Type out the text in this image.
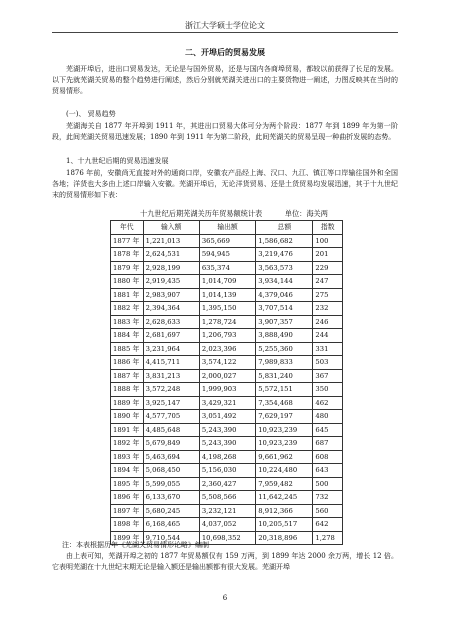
浙江大学硕士学位论文
二、开埠后的贸易发展
芜湖开埠后，进出口贸易发达，无论是与国外贸易，还是与国内各商埠贸易，都较以前获得了长足的发展。以下先就芜湖关贸易的整个趋势进行阐述，然后分别就芜湖关进出口的主要货物进一阐述，力图反映其在当时的贸易情形。
(一)、 贸易趋势
芜湖海关自 1877 年开埠到 1911 年，其进出口贸易大体可分为两个阶段：1877 年到 1899 年为第一阶段，此间芜湖关贸易迅速发展；1890 年到 1911 年为第二阶段，此间芜湖关的贸易呈现一种曲折发展的态势。
1、十九世纪后期的贸易迅速发展
1876 年前，安徽尚无直接对外的通商口岸，安徽农产品经上海、汉口、九江、镇江等口岸输往国外和全国各地；洋货也大多由上述口岸输入安徽。芜湖开埠后，无论洋货贸易、还是土货贸易均发展迅速，其于十九世纪末的贸易情形如下表：
十九世纪后期芜湖关历年贸易额统计表	单位：海关两
年代	输入额	输出额	总额	指数
1877 年	1,221,013	365,669	1,586,682	100
1878 年	2,624,531	594,945	3,219,476	201
1879 年	2,928,199	635,374	3,563,573	229
1880 年	2,919,435	1,014,709	3,934,144	247
1881 年	2,983,907	1,014,139	4,379,046	275
1882 年	2,394,364	1,395,150	3,707,514	232
1883 年	2,628,633	1,278,724	3,907,357	246
1884 年	2,681,697	1,206,793	3,888,490	244
1885 年	3,231,964	2,023,396	5,255,360	331
1886 年	4,415,711	3,574,122	7,989,833	503
1887 年	3,831,213	2,000,027	5,831,240	367
1888 年	3,572,248	1,999,903	5,572,151	350
1889 年	3,925,147	3,429,321	7,354,468	462
1890 年	4,577,705	3,051,492	7,629,197	480
1891 年	4,485,648	5,243,390	10,923,239	645
1892 年	5,679,849	5,243,390	10,923,239	687
1893 年	5,463,694	4,198,268	9,661,962	608
1894 年	5,068,450	5,156,030	10,224,480	643
1895 年	5,599,055	2,360,427	7,959,482	500
1896 年	6,133,670	5,508,566	11,642,245	732
1897 年	5,680,245	3,232,121	8,912,366	560
1898 年	6,168,465	4,037,052	10,205,517	642
1899 年	9,710,544	10,698,352	20,318,896	1,278
注：本表根据历年《芜湖关贸易情形论略》编制
由上表可知，芜湖开埠之初的 1877 年贸易额仅有 159 万两，到 1899 年达 2000 余万两，增长 12 倍。它表明芜湖在十九世纪末期无论是输入额还是输出额都有很大发展。芜湖开埠
6
